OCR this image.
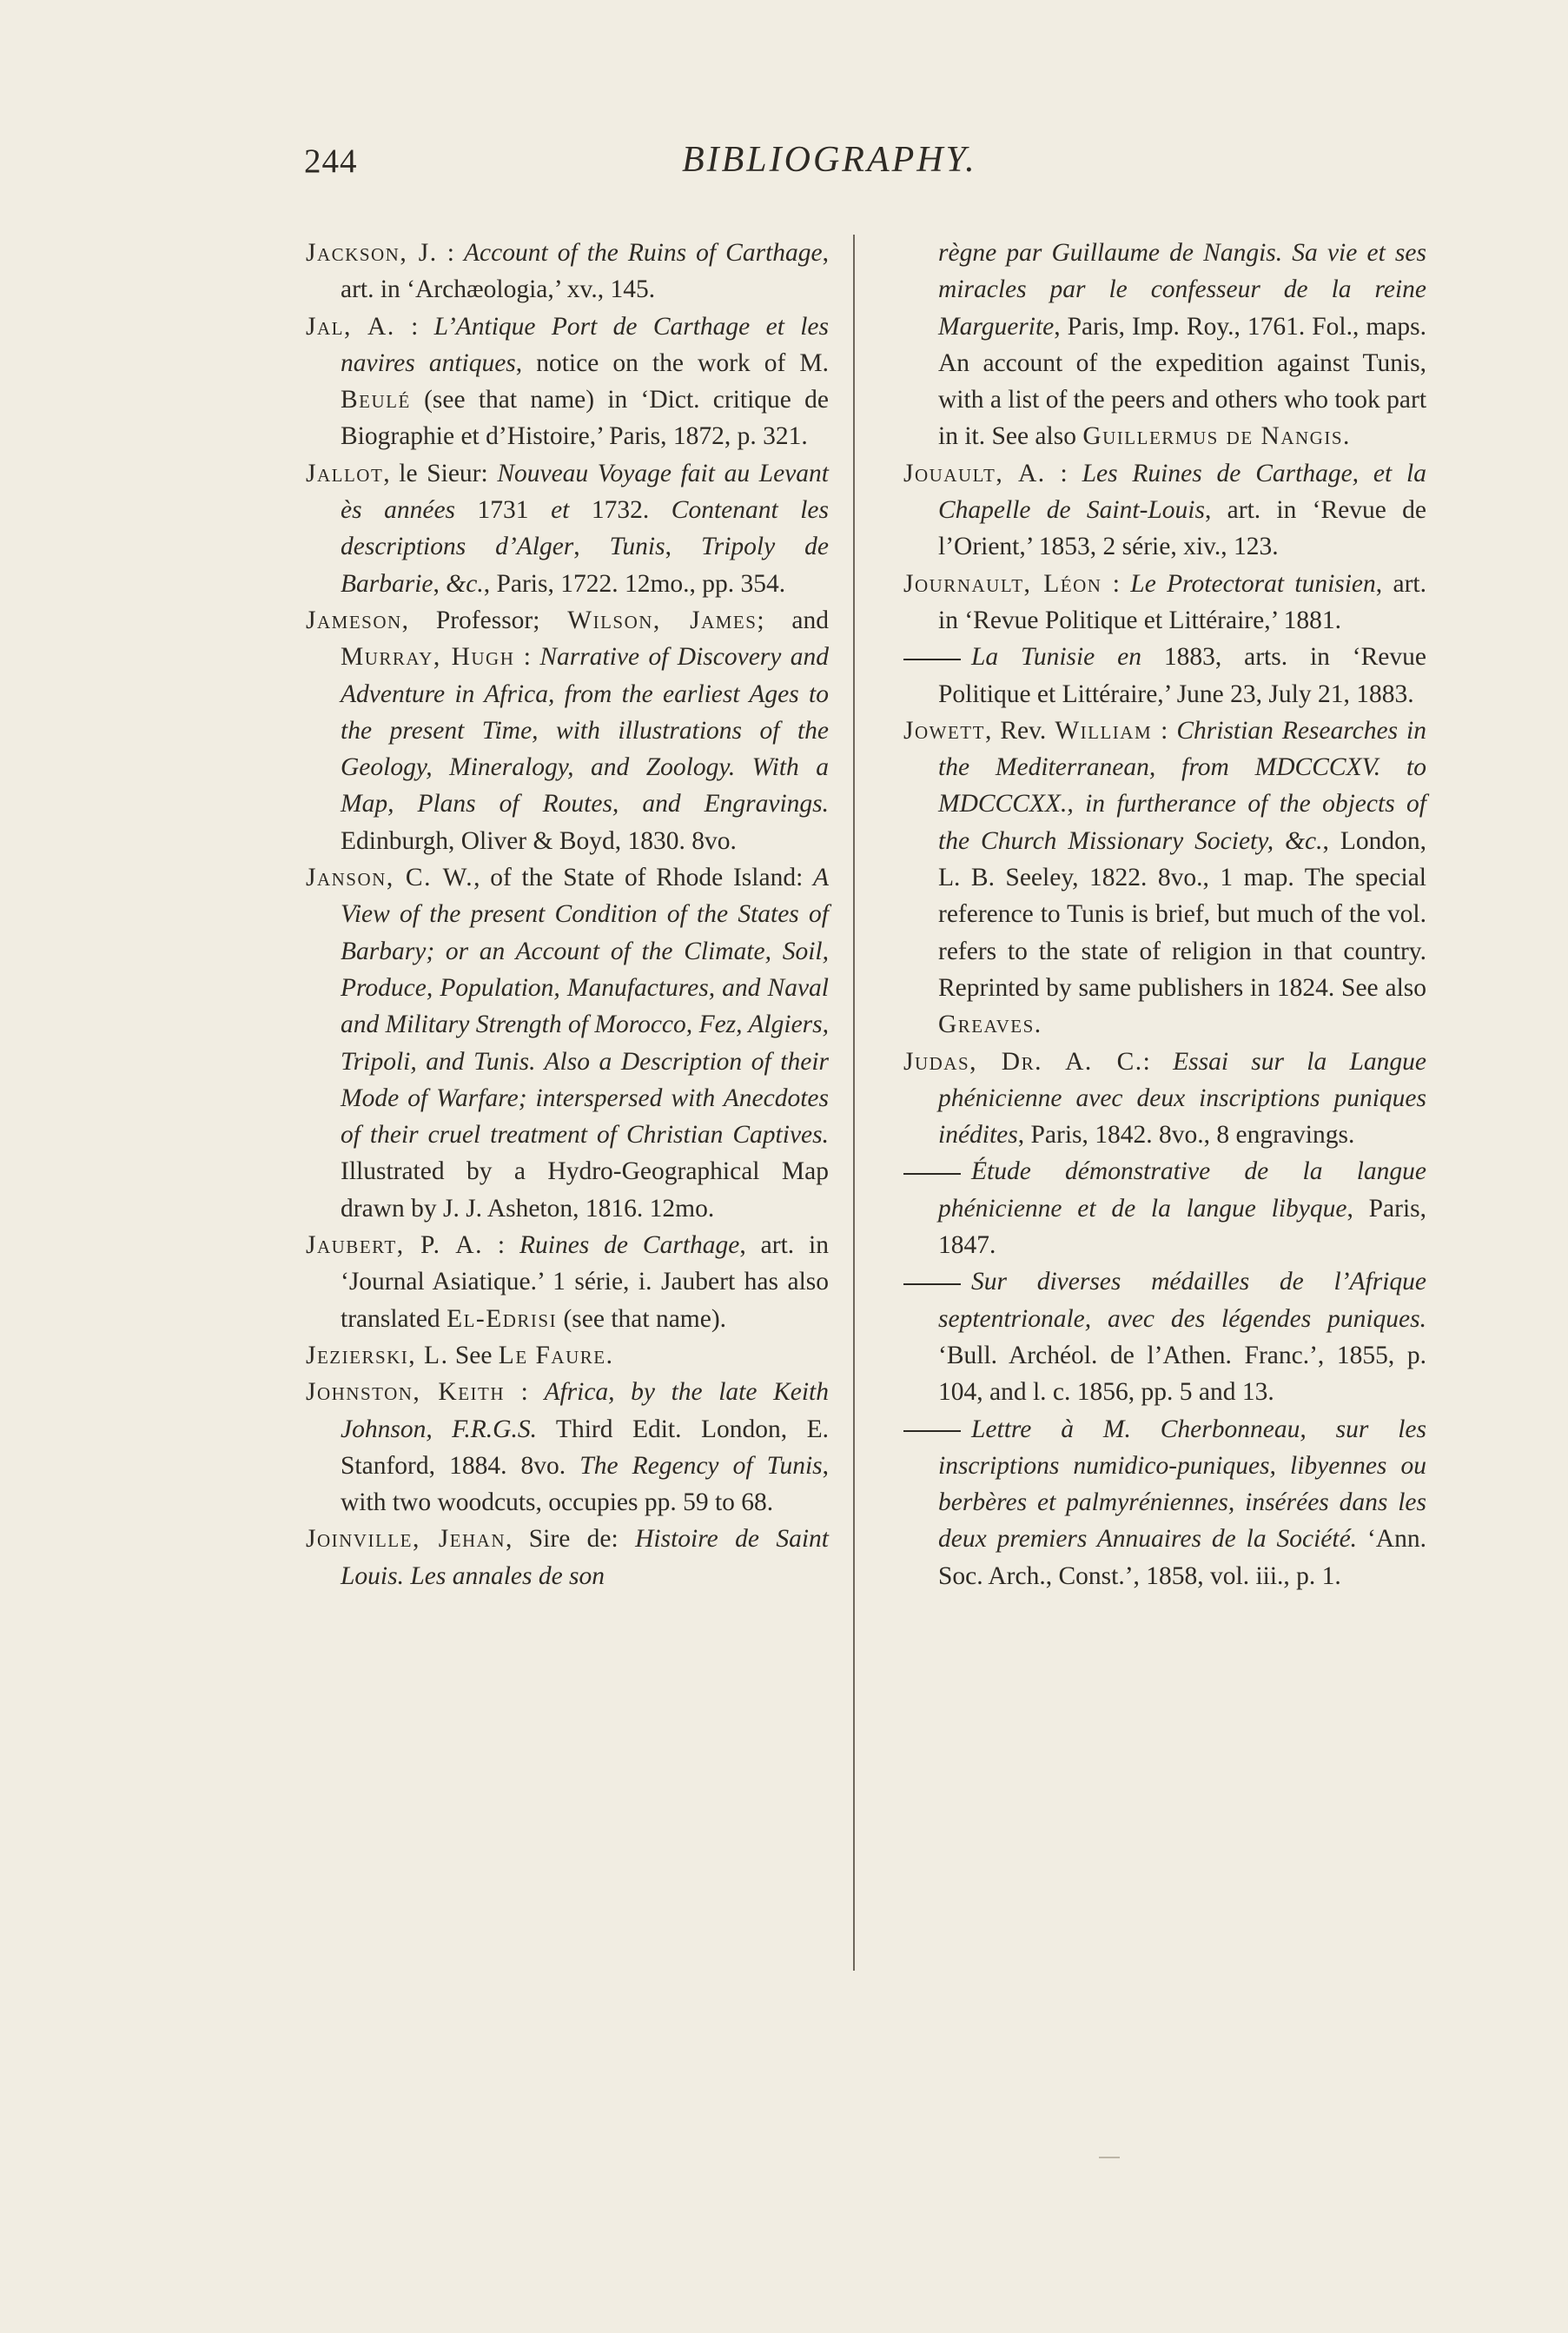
244	BIBLIOGRAPHY.

Jackson, J. : Account of the Ruins of Carthage, art. in ‘Archæologia,’ xv., 145.

Jal, A. : L’Antique Port de Carthage et les navires antiques, notice on the work of M. Beulé (see that name) in ‘Dict. critique de Biographie et d’Histoire,’ Paris, 1872, p. 321.

Jallot, le Sieur: Nouveau Voyage fait au Levant ès années 1731 et 1732. Contenant les descriptions d’Alger, Tunis, Tripoly de Barbarie, &c., Paris, 1722. 12mo., pp. 354.

Jameson, Professor; Wilson, James; and Murray, Hugh : Narrative of Discovery and Adventure in Africa, from the earliest Ages to the present Time, with illustrations of the Geology, Mineralogy, and Zoology. With a Map, Plans of Routes, and Engravings. Edinburgh, Oliver & Boyd, 1830. 8vo.

Janson, C. W., of the State of Rhode Island: A View of the present Condition of the States of Barbary; or an Account of the Climate, Soil, Produce, Population, Manufactures, and Naval and Military Strength of Morocco, Fez, Algiers, Tripoli, and Tunis. Also a Description of their Mode of Warfare; interspersed with Anecdotes of their cruel treatment of Christian Captives. Illustrated by a Hydro-Geographical Map drawn by J. J. Asheton, 1816. 12mo.

Jaubert, P. A. : Ruines de Carthage, art. in ‘Journal Asiatique.’ 1 série, i. Jaubert has also translated El-Edrisi (see that name).

Jezierski, L. See Le Faure.

Johnston, Keith : Africa, by the late Keith Johnson, F.R.G.S. Third Edit. London, E. Stanford, 1884. 8vo. The Regency of Tunis, with two woodcuts, occupies pp. 59 to 68.

Joinville, Jehan, Sire de: Histoire de Saint Louis. Les annales de son

règne par Guillaume de Nangis. Sa vie et ses miracles par le confesseur de la reine Marguerite, Paris, Imp. Roy., 1761. Fol., maps. An account of the expedition against Tunis, with a list of the peers and others who took part in it. See also Guillermus de Nangis.

Jouault, A. : Les Ruines de Carthage, et la Chapelle de Saint-Louis, art. in ‘Revue de l’Orient,’ 1853, 2 série, xiv., 123.

Journault, Léon : Le Protectorat tunisien, art. in ‘Revue Politique et Littéraire,’ 1881.

La Tunisie en 1883, arts. in ‘Revue Politique et Littéraire,’ June 23, July 21, 1883.

Jowett, Rev. William : Christian Researches in the Mediterranean, from MDCCCXV. to MDCCCXX., in furtherance of the objects of the Church Missionary Society, &c., London, L. B. Seeley, 1822. 8vo., 1 map. The special reference to Tunis is brief, but much of the vol. refers to the state of religion in that country. Reprinted by same publishers in 1824. See also Greaves.

Judas, Dr. A. C.: Essai sur la Langue phénicienne avec deux inscriptions puniques inédites, Paris, 1842. 8vo., 8 engravings.

Étude démonstrative de la langue phénicienne et de la langue libyque, Paris, 1847.

Sur diverses médailles de l’Afrique septentrionale, avec des légendes puniques. ‘Bull. Archéol. de l’Athen. Franc.’, 1855, p. 104, and l. c. 1856, pp. 5 and 13.

Lettre à M. Cherbonneau, sur les inscriptions numidico-puniques, libyennes ou berbères et palmyréniennes, insérées dans les deux premiers Annuaires de la Société. ‘Ann. Soc. Arch., Const.’, 1858, vol. iii., p. 1.
